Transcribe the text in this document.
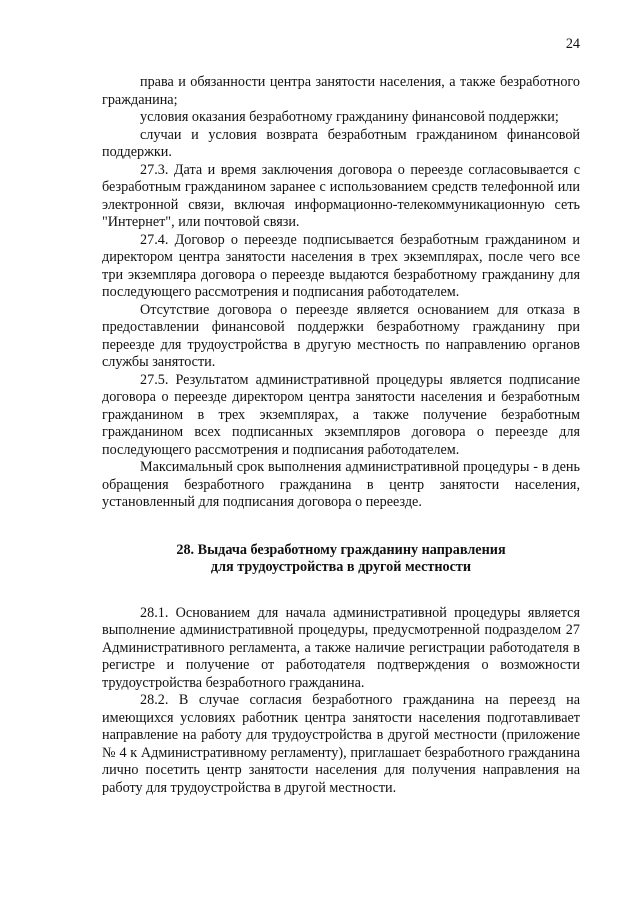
24

права и обязанности центра занятости населения, а также безработного гражданина;

условия оказания безработному гражданину финансовой поддержки;

случаи и условия возврата безработным гражданином финансовой поддержки.

27.3. Дата и время заключения договора о переезде согласовывается с безработным гражданином заранее с использованием средств телефонной или электронной связи, включая информационно-телекоммуникационную сеть "Интернет", или почтовой связи.

27.4. Договор о переезде подписывается безработным гражданином и директором центра занятости населения в трех экземплярах, после чего все три экземпляра договора о переезде выдаются безработному гражданину для последующего рассмотрения и подписания работодателем.

Отсутствие договора о переезде является основанием для отказа в предоставлении финансовой поддержки безработному гражданину при переезде для трудоустройства в другую местность по направлению органов службы занятости.

27.5. Результатом административной процедуры является подписание договора о переезде директором центра занятости населения и безработным гражданином в трех экземплярах, а также получение безработным гражданином всех подписанных экземпляров договора о переезде для последующего рассмотрения и подписания работодателем.

Максимальный срок выполнения административной процедуры - в день обращения безработного гражданина в центр занятости населения, установленный для подписания договора о переезде.

28. Выдача безработному гражданину направления
для трудоустройства в другой местности

28.1. Основанием для начала административной процедуры является выполнение административной процедуры, предусмотренной подразделом 27 Административного регламента, а также наличие регистрации работодателя в регистре и получение от работодателя подтверждения о возможности трудоустройства безработного гражданина.

28.2. В случае согласия безработного гражданина на переезд на имеющихся условиях работник центра занятости населения подготавливает направление на работу для трудоустройства в другой местности (приложение № 4 к Административному регламенту), приглашает безработного гражданина лично посетить центр занятости населения для получения направления на работу для трудоустройства в другой местности.
